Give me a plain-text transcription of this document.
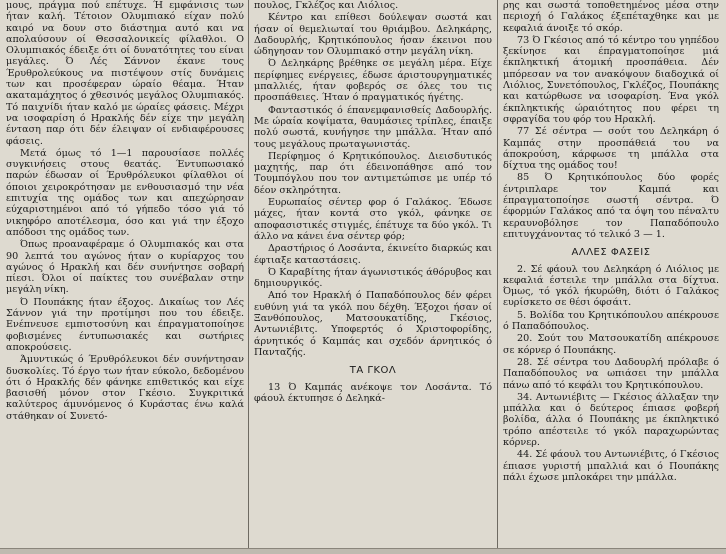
μους, πράγμα πού επέτυχε. Ή εμφάνισις των ήταν καλή. Τέτοιον Ολυμπιακό είχαν πολύ καιρό να δουν στο διάστημα αυτό και να απολαύσουν οί Θεσσαλονικείς φίλαθλοι. Ο Ολυμπιακός έδειξε ότι οί δυνατότητες του είναι μεγάλες. Ό Λές Σάννον έκανε τους Έρυθρολεύκους να πιστέψουν στίς δυνάμεις των και προσέφεραν ώραίο θέαμα. Ήταν ακαταμάχητος ό χθεσινός μεγάλος Ολυμπιακός. Τό παιχνίδι ήταν καλό με ώραίες φάσεις. Μέχρι να ισοφαρίση ό Ηρακλής δέν είχε την μεγάλη ένταση παρ ότι δέν έλειψαν οί ενδιαφέρουσες φάσεις.

Μετά όμως τό 1—1 παρουσίασε πολλές συγκινήσεις στους θεατάς. Έντυπωσιακό παρών έδωσαν οί Έρυθρόλευκοι φίλαθλοι οί όποιοι χειροκρότησαν με ενθουσιασμό την νέα επιτυχία της ομάδος των και απεχώρησαν εύχαριστημένοι από τό γήπεδο τόσο γιά τό νικηφόρο αποτέλεσμα, όσο και γιά την έξοχο απόδοσι της ομάδος των.

Όπως προαναφέραμε ό Ολυμπιακός και στα 90 λεπτά του αγώνος ήταν ο κυρίαρχος του αγώνος ό Ηρακλή και δέν συνήντησε σοβαρή πίεσι. Όλοι οί παίκτες του συνέβαλαν στην μεγάλη νίκη.

Ό Πουπάκης ήταν έξοχος. Δικαίως τον Λές Σάννον γιά την προτίμησι που του έδειξε. Ενέπνευσε εμπιστοσύνη και έπραγματοποίησε φοβισμένες έντυπωσιακές και σωτήριες αποκρούσεις.

Άμυντικώς ό Έρυθρόλευκοι δέν συνήντησαν δυσκολίες. Τό έργο των ήταν εύκολο, δεδομένου ότι ό Ηρακλής δέν φάνηκε επιθετικός και είχε βασισθή μόνον στον Γκέσιο. Συγκριτικά καλύτερος άμυνόμενος ό Κυράστας ένω καλά στάθηκαν οί Συνετό-

πουλος, Γκλέζος και Λιόλιος.

Κέντρο και επίθεσι δούλεψαν σωστά και ήσαν οί θεμελιωταί του θριάμβου. Δεληκάρης, Δαδουρλής, Κρητικόπουλος ήσαν έκεινοι που ώδηγησαν τον Ολυμπιακό στην μεγάλη νίκη.

Ό Δεληκάρης βρέθηκε σε μεγάλη μέρα. Είχε περίφημες ενέργειες, έδωσε άριστουργηματικές μπαλλιές, ήταν φοβερός σε όλες του τις προσπάθειες. Ήταν ό πραγματικός ήγέτης.

Φανταστικός ό έπανεμφανισθείς Δαδουρλής. Με ώραία κοψίματα, θαυμάσιες τρίπλες, έπαιξε πολύ σωστά, κυνήγησε την μπάλλα. Ήταν από τους μεγάλους πρωταγωνιστάς.

Περίφημος ό Κρητικόπουλος. Διεισδυτικός μαχητής, παρ ότι έδεινοπάθησε από τον Τουμπόγλου που τον αντιμετώπισε με υπέρ τό δέον σκληρότητα.

Ευρωπαίος σέντερ φορ ό Γαλάκος. Έδωσε μάχες, ήταν κοντά στο γκόλ, φάνηκε σε αποφασιστικές στιγμές, έπέτυχε τα δύο γκόλ. Τι άλλο να κάνει ένα σέντερ φόρ;

Δραστήριος ό Λοσάντα, έκινείτο διαρκώς και έφτιαξε καταστάσεις.

Ό Καραβίτης ήταν άγωνιστικός άθόρυβος και δημιουργικός.

Από τον Ηρακλή ό Παπαδόπουλος δέν φέρει ευθύνη γιά τα γκόλ που δέχθη. Έξοχοι ήσαν οί Ξανθόπουλος, Ματσουκατίδης, Γκέσιος, Αντωνιέβιτς. Υποφερτός ό Χριστοφορίδης, άρνητικός ό Καμπάς και σχεδόν άρνητικός ό Πανταζής.

ΤΑ ΓΚΟΛ

13 Ό Καμπάς ανέκοψε τον Λοσάντα. Τό φάουλ έκτυπησε ό Δεληκά-

ρης και σωστά τοποθετημένος μέσα στην περιοχή ό Γαλάκος έξεπέταχθηκε και με κεφαλιά άνοιξε τό σκόρ.

73 Ό Γκέσιος από τό κέντρο του γηπέδου ξεκίνησε και έπραγματοποίησε μιά έκπληκτική άτομική προσπάθεια. Δέν μπόρεσαν να τον ανακόψουν διαδοχικά οί Λιόλιος, Συνετόπουλος, Γκλέζος, Πουπάκης και κατώρθωσε να ισοφαρίση. Ένα γκόλ έκπληκτικής ώραιότητος που φέρει τη σφραγίδα του φόρ του Ηρακλή.

77 Σέ σέντρα — σούτ του Δεληκάρη ό Καμπάς στην προσπάθειά του να άποκρούση, κάρφωσε τη μπάλλα στα δίχτυα της ομάδος του!

85 Ό Κρητικόπουλος δύο φορές έντριπλαρε τον Καμπά και έπραγματοποίησε σωστή σέντρα. Ό έφορμών Γαλάκος από τα όψη του πέναλτυ κεραυνοβόλησε τον Παπαδόπουλο επιτυγχάνοντας τό τελικό 3 — 1.

ΑΛΛΕΣ ΦΑΣΕΙΣ

2. Σέ φάουλ του Δεληκάρη ό Λιόλιος με κεφαλιά έστειλε την μπάλλα στα δίχτυα. Όμως, τό γκόλ ήκυρώθη, διότι ό Γαλάκος ευρίσκετο σε θέσι όφσάιτ.

5. Βολίδα του Κρητικόπουλου απέκρουσε ό Παπαδόπουλος.

20. Σούτ του Ματσουκατίδη απέκρουσε σε κόρνερ ό Πουπάκης.

28. Σέ σέντρα του Δαδουρλή πρόλαβε ό Παπαδόπουλος να ωπιάσει την μπάλλα πάνω από τό κεφάλι του Κρητικόπουλου.

34. Αντωνιέβιτς — Γκέσιος άλλαξαν την μπάλλα και ό δεύτερος έπιασε φοβερή βολίδα, άλλα ό Πουπάκης με έκπληκτικό τρόπο απέστειλε τό γκόλ παραχωρώντας κόρνερ.

44. Σέ φάουλ του Αντωνιέβιτς, ό Γκέσιος έπιασε γυριστή μπαλλιά και ό Πουπάκης πάλι έχωσε μπλοκάρει την μπάλλα.
